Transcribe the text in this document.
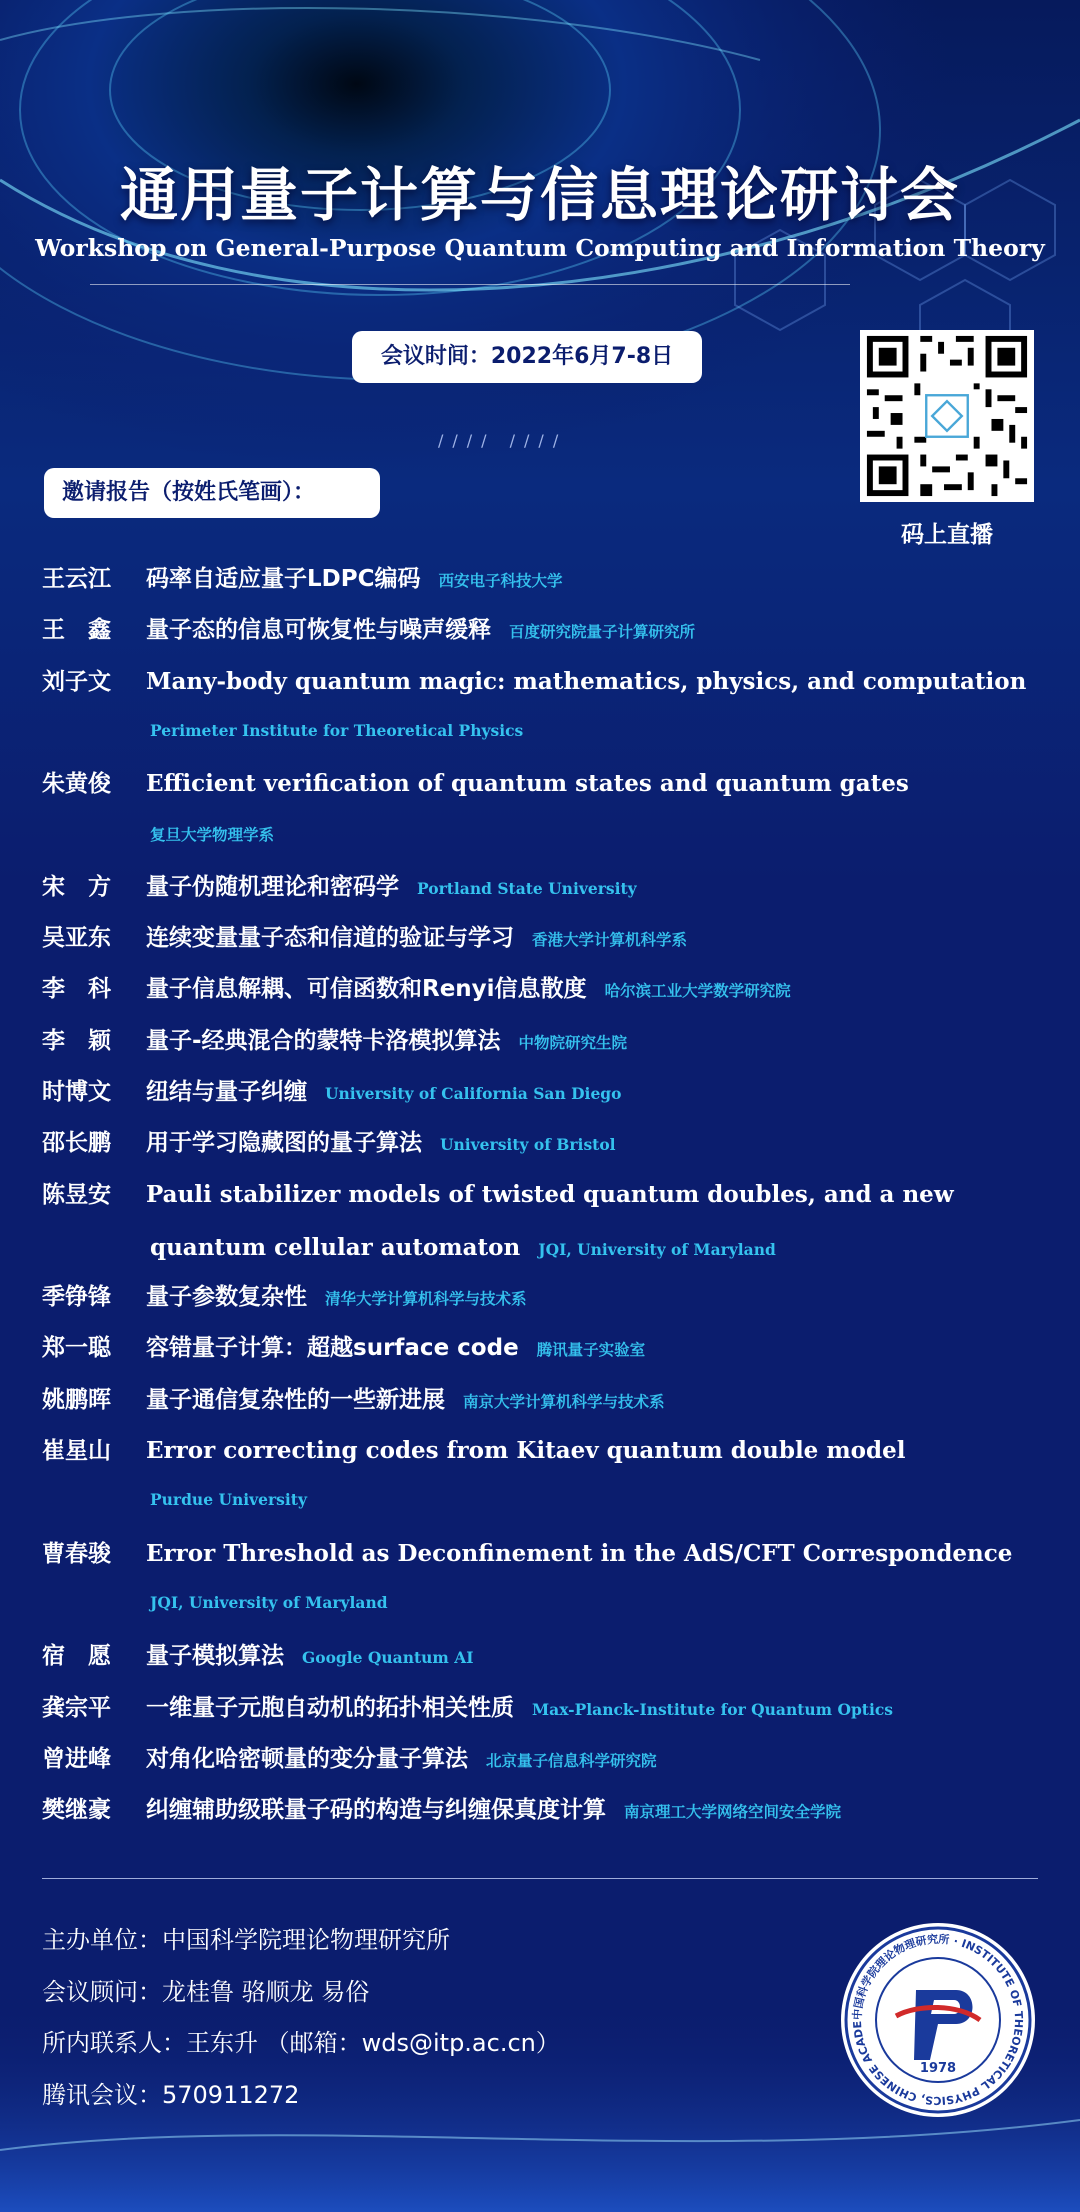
通用量子计算与信息理论研讨会
Workshop on General-Purpose Quantum Computing and Information Theory
会议时间：2022年6月7-8日
//// ////
码上直播
邀请报告（按姓氏笔画）：
王云江	码率自适应量子LDPC编码 西安电子科技大学
王　鑫	量子态的信息可恢复性与噪声缓释 百度研究院量子计算研究所
刘子文	Many-body quantum magic: mathematics, physics, and computation
Perimeter Institute for Theoretical Physics
朱黄俊	Efficient verification of quantum states and quantum gates
复旦大学物理学系
宋　方	量子伪随机理论和密码学 Portland State University
吴亚东	连续变量量子态和信道的验证与学习 香港大学计算机科学系
李　科	量子信息解耦、可信函数和Renyi信息散度 哈尔滨工业大学数学研究院
李　颖	量子-经典混合的蒙特卡洛模拟算法 中物院研究生院
时博文	纽结与量子纠缠 University of California San Diego
邵长鹏	用于学习隐藏图的量子算法 University of Bristol
陈昱安	Pauli stabilizer models of twisted quantum doubles, and a new
quantum cellular automaton JQI, University of Maryland
季铮锋	量子参数复杂性 清华大学计算机科学与技术系
郑一聪	容错量子计算：超越surface code 腾讯量子实验室
姚鹏晖	量子通信复杂性的一些新进展 南京大学计算机科学与技术系
崔星山	Error correcting codes from Kitaev quantum double model
Purdue University
曹春骏	Error Threshold as Deconfinement in the AdS/CFT Correspondence
JQI, University of Maryland
宿　愿	量子模拟算法 Google Quantum AI
龚宗平	一维量子元胞自动机的拓扑相关性质 Max-Planck-Institute for Quantum Optics
曾进峰	对角化哈密顿量的变分量子算法 北京量子信息科学研究院
樊继豪	纠缠辅助级联量子码的构造与纠缠保真度计算 南京理工大学网络空间安全学院
主办单位：中国科学院理论物理研究所
会议顾问：龙桂鲁 骆顺龙 易俗
所内联系人：王东升 （邮箱：wds@itp.ac.cn）
腾讯会议：570911272
中国科学院理论物理研究所 · INSTITUTE OF THEORETICAL PHYSICS, CHINESE ACADE
1978
